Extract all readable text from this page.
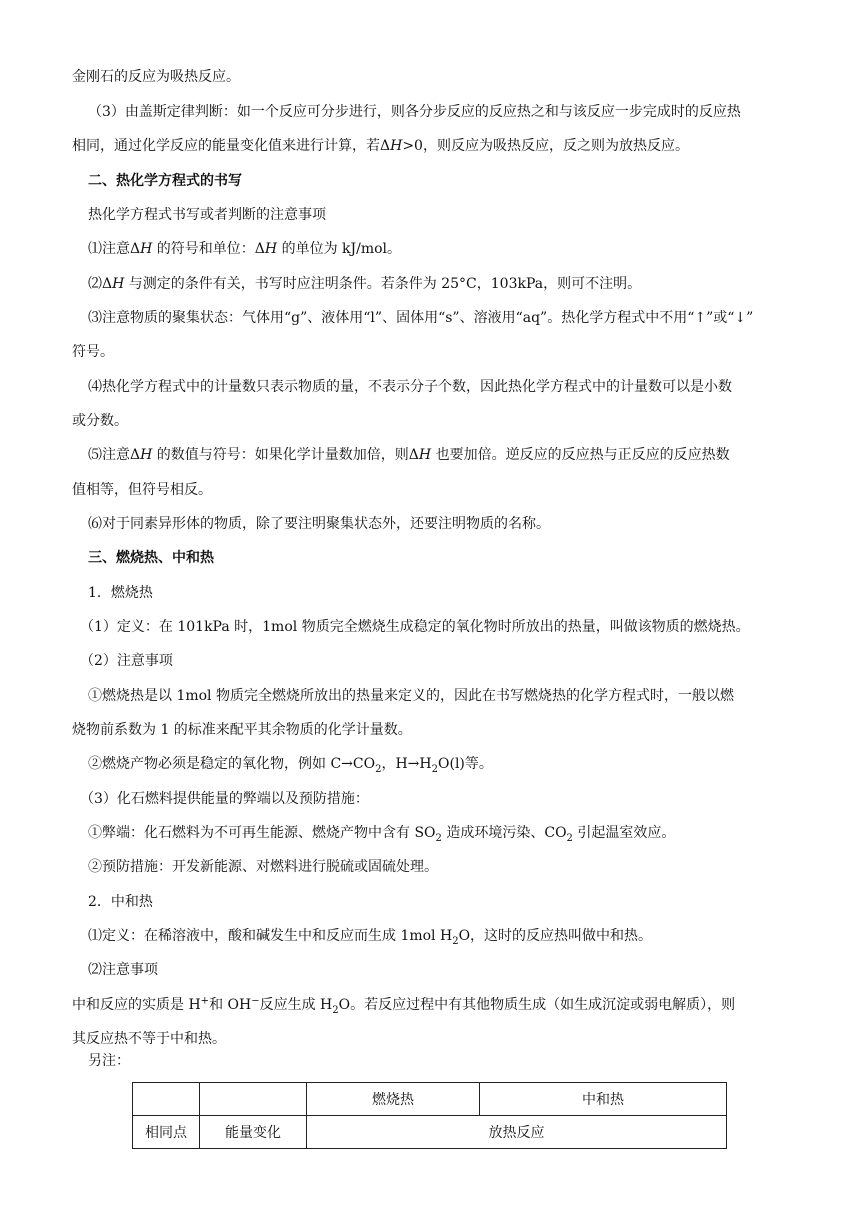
金刚石的反应为吸热反应。
（3）由盖斯定律判断：如一个反应可分步进行，则各分步反应的反应热之和与该反应一步完成时的反应热
相同，通过化学反应的能量变化值来进行计算，若ΔH>0，则反应为吸热反应，反之则为放热反应。
二、热化学方程式的书写
热化学方程式书写或者判断的注意事项
⑴注意ΔH 的符号和单位：ΔH 的单位为 kJ/mol。
⑵ΔH 与测定的条件有关，书写时应注明条件。若条件为 25°C，103kPa，则可不注明。
⑶注意物质的聚集状态：气体用“g”、液体用“l”、固体用“s”、溶液用“aq”。热化学方程式中不用“↑”或“↓”
符号。
⑷热化学方程式中的计量数只表示物质的量，不表示分子个数，因此热化学方程式中的计量数可以是小数
或分数。
⑸注意ΔH 的数值与符号：如果化学计量数加倍，则ΔH 也要加倍。逆反应的反应热与正反应的反应热数
值相等，但符号相反。
⑹对于同素异形体的物质，除了要注明聚集状态外，还要注明物质的名称。
三、燃烧热、中和热
1．燃烧热
（1）定义：在 101kPa 时，1mol 物质完全燃烧生成稳定的氧化物时所放出的热量，叫做该物质的燃烧热。
（2）注意事项
①燃烧热是以 1mol 物质完全燃烧所放出的热量来定义的，因此在书写燃烧热的化学方程式时，一般以燃
烧物前系数为 1 的标准来配平其余物质的化学计量数。
②燃烧产物必须是稳定的氧化物，例如 $C\to CO_2$，$H\to H_2O(l)$等。
（3）化石燃料提供能量的弊端以及预防措施：
①弊端：化石燃料为不可再生能源、燃烧产物中含有 $SO_2$ 造成环境污染、$CO_2$ 引起温室效应。
②预防措施：开发新能源、对燃料进行脱硫或固硫处理。
2．中和热
⑴定义：在稀溶液中，酸和碱发生中和反应而生成 1mol $H_2O$，这时的反应热叫做中和热。
⑵注意事项
中和反应的实质是 H+和 OH−反应生成 $H_2O$。若反应过程中有其他物质生成（如生成沉淀或弱电解质），则
其反应热不等于中和热。
另注：
		燃烧热	中和热
相同点	能量变化	放热反应	
